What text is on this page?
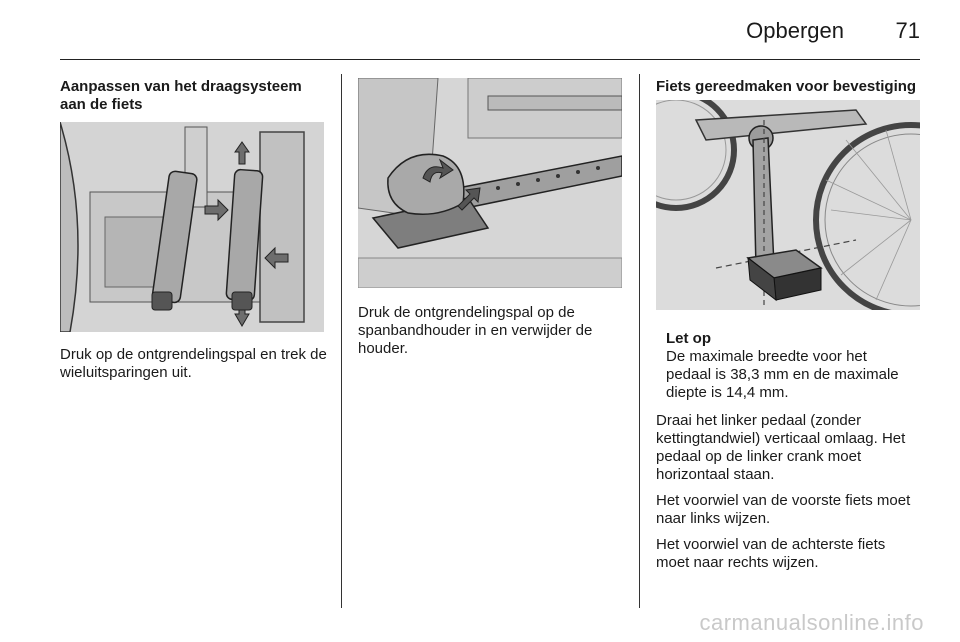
Opbergen 71
Aanpassen van het draagsysteem aan de fiets

Druk op de ontgrendelingspal en trek de wieluitsparingen uit.

Druk de ontgrendelingspal op de spanbandhouder in en verwijder de houder.

Fiets gereedmaken voor bevestiging
Let op

De maximale breedte voor het pedaal is 38,3 mm en de maximale diepte is 14,4 mm.

Draai het linker pedaal (zonder kettingtandwiel) verticaal omlaag. Het pedaal op de linker crank moet horizontaal staan.

Het voorwiel van de voorste fiets moet naar links wijzen.

Het voorwiel van de achterste fiets moet naar rechts wijzen.

carmanualsonline.info
